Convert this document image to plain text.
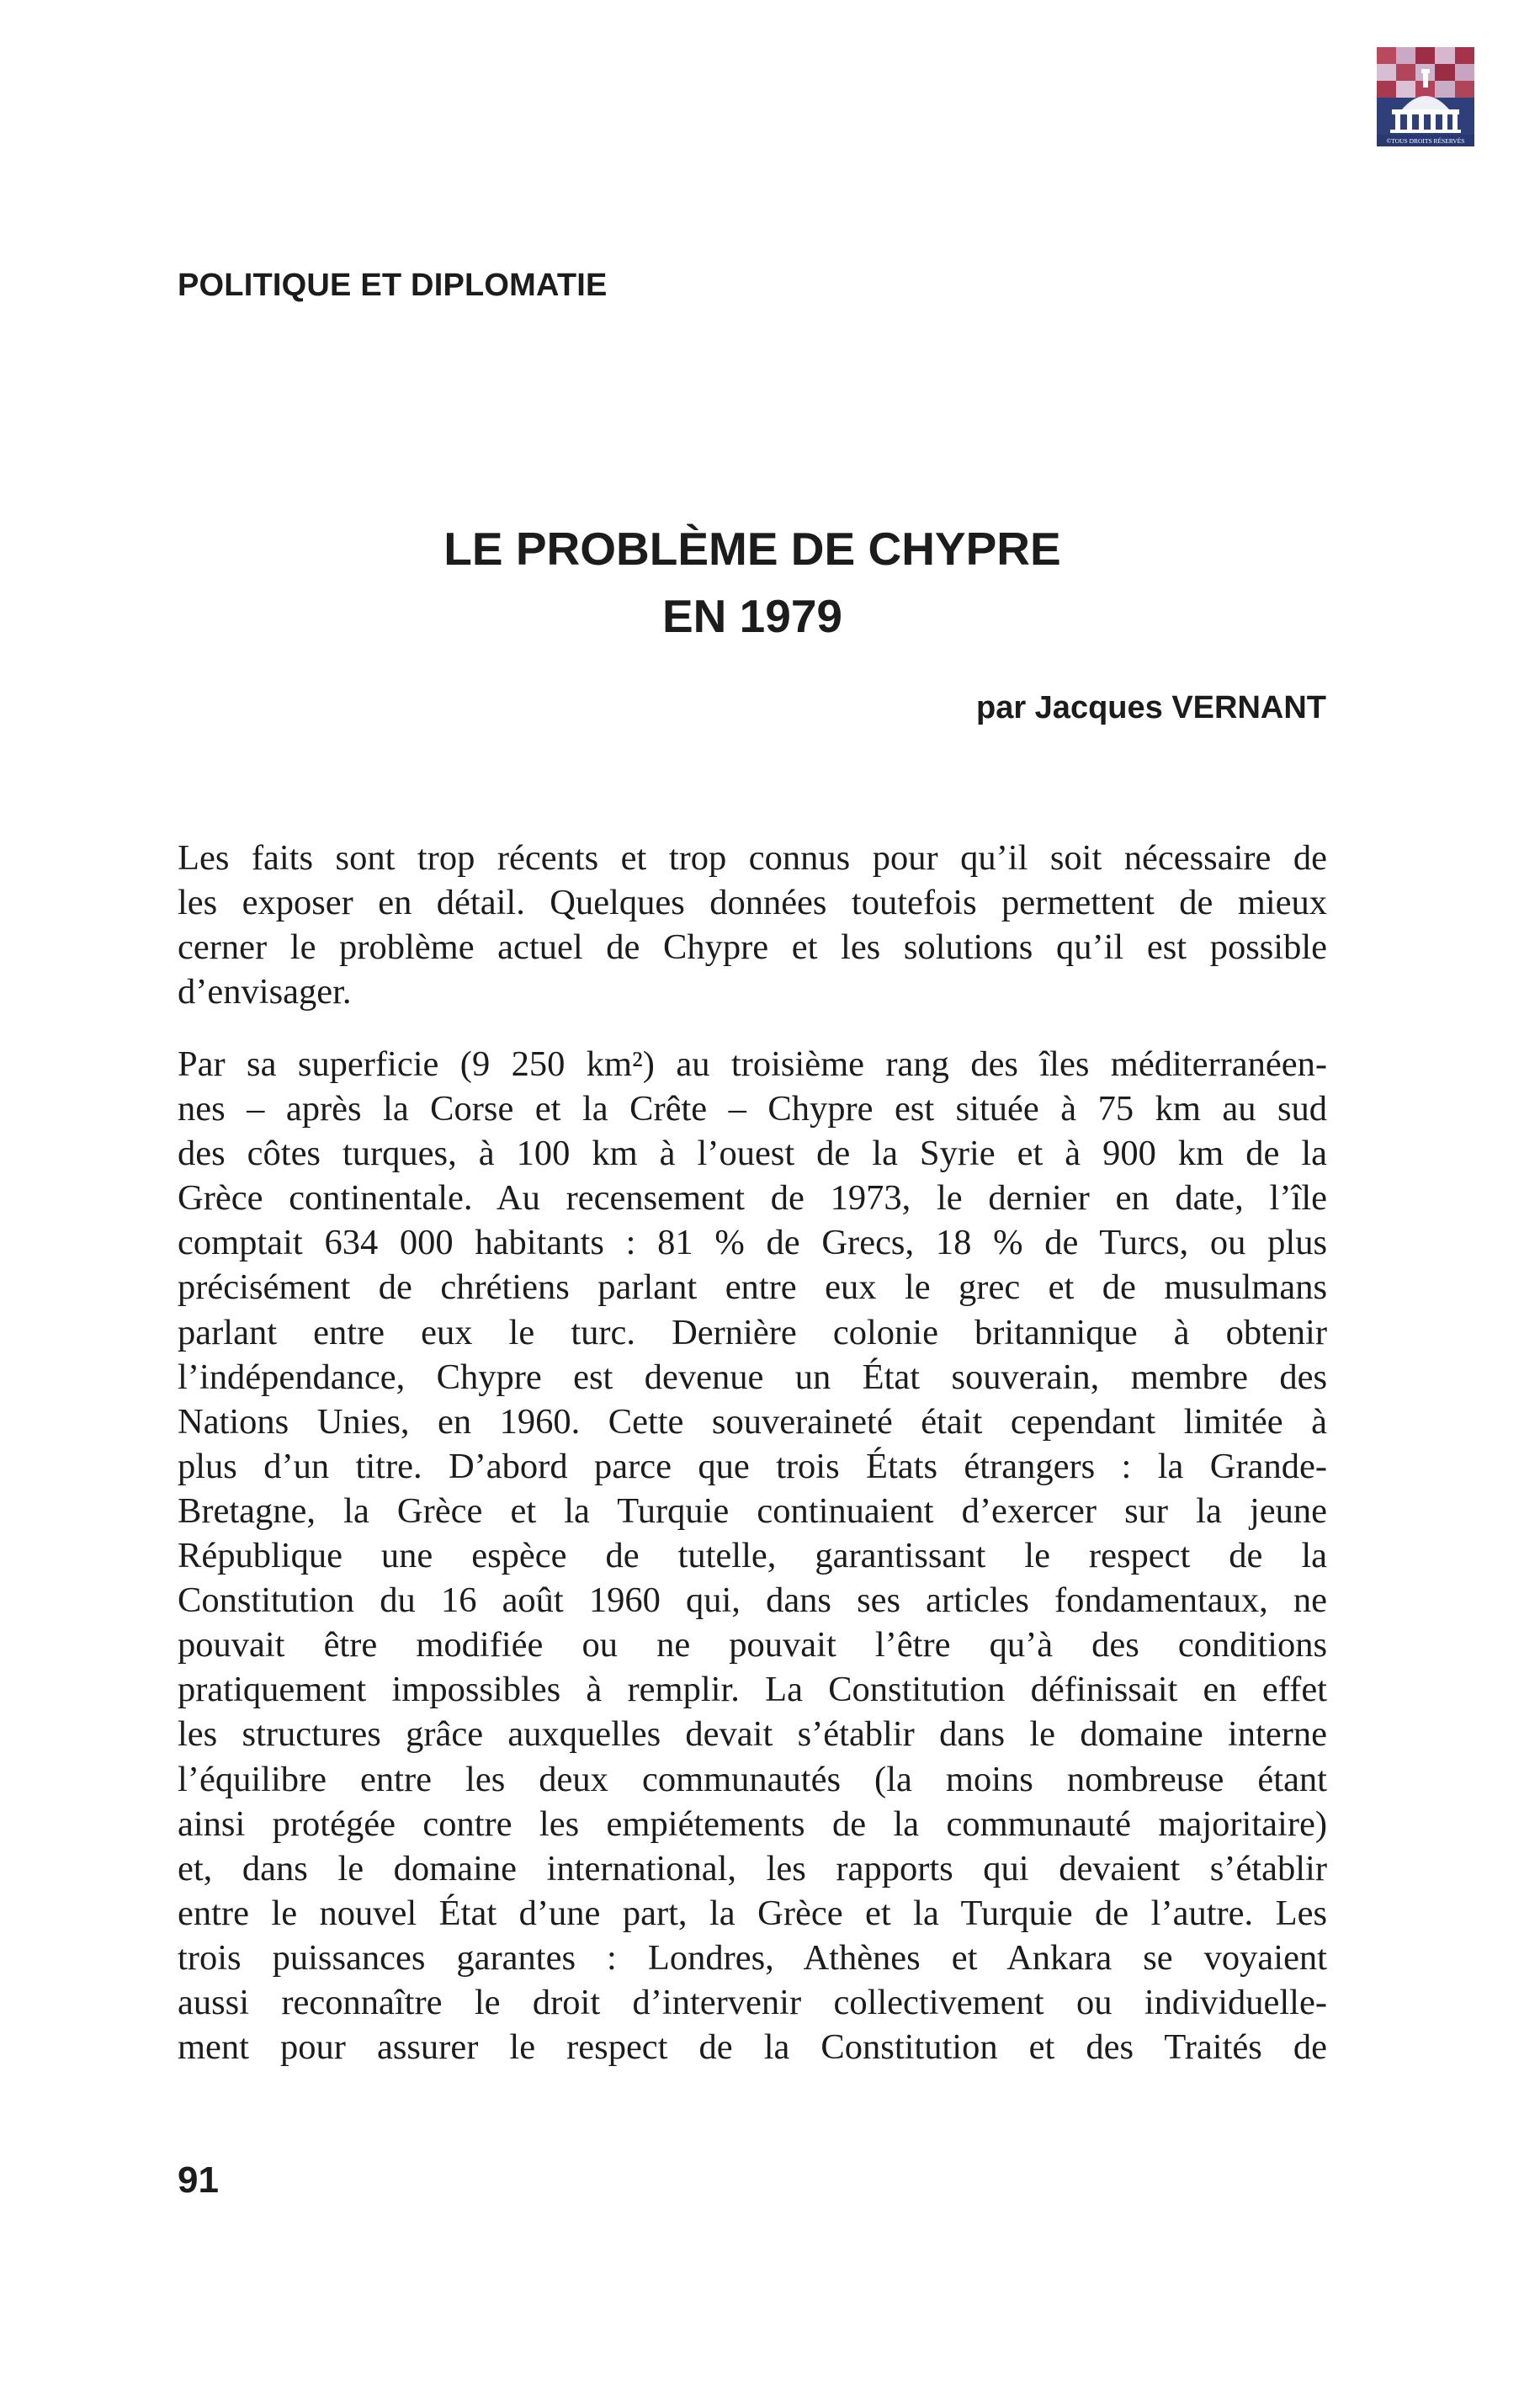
©TOUS DROITS RÉSERVÉS
POLITIQUE ET DIPLOMATIE
LE PROBLÈME DE CHYPRE
EN 1979
par Jacques VERNANT
Les faits sont trop récents et trop connus pour qu’il soit nécessaire de
les exposer en détail. Quelques données toutefois permettent de mieux
cerner le problème actuel de Chypre et les solutions qu’il est possible
d’envisager.
Par sa superficie (9 250 km²) au troisième rang des îles méditerranéen-
nes – après la Corse et la Crête – Chypre est située à 75 km au sud
des côtes turques, à 100 km à l’ouest de la Syrie et à 900 km de la
Grèce continentale. Au recensement de 1973, le dernier en date, l’île
comptait 634 000 habitants : 81 % de Grecs, 18 % de Turcs, ou plus
précisément de chrétiens parlant entre eux le grec et de musulmans
parlant entre eux le turc. Dernière colonie britannique à obtenir
l’indépendance, Chypre est devenue un État souverain, membre des
Nations Unies, en 1960. Cette souveraineté était cependant limitée à
plus d’un titre. D’abord parce que trois États étrangers : la Grande-
Bretagne, la Grèce et la Turquie continuaient d’exercer sur la jeune
République une espèce de tutelle, garantissant le respect de la
Constitution du 16 août 1960 qui, dans ses articles fondamentaux, ne
pouvait être modifiée ou ne pouvait l’être qu’à des conditions
pratiquement impossibles à remplir. La Constitution définissait en effet
les structures grâce auxquelles devait s’établir dans le domaine interne
l’équilibre entre les deux communautés (la moins nombreuse étant
ainsi protégée contre les empiétements de la communauté majoritaire)
et, dans le domaine international, les rapports qui devaient s’établir
entre le nouvel État d’une part, la Grèce et la Turquie de l’autre. Les
trois puissances garantes : Londres, Athènes et Ankara se voyaient
aussi reconnaître le droit d’intervenir collectivement ou individuelle-
ment pour assurer le respect de la Constitution et des Traités de
91
